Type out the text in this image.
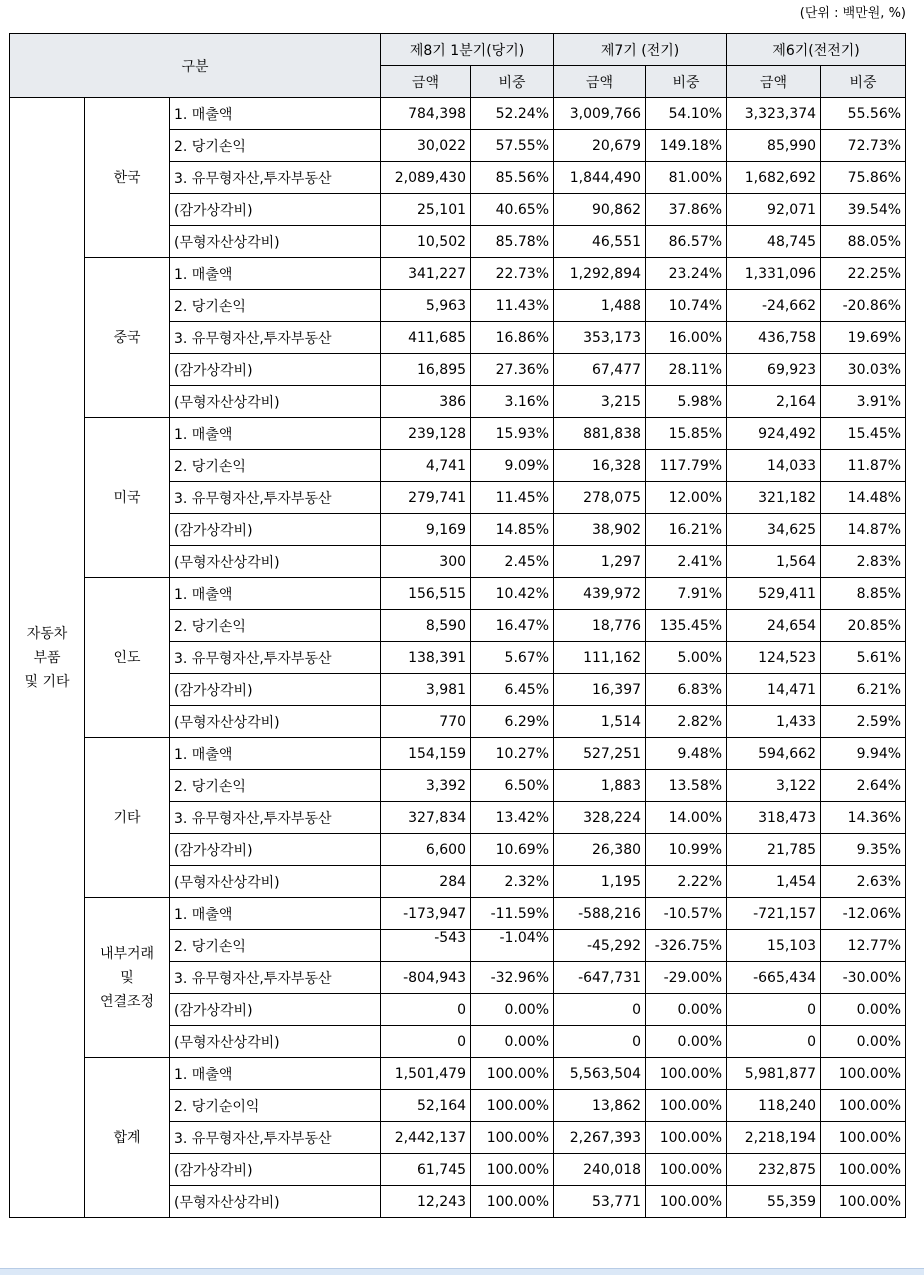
(단위 : 백만원, %)
구분			제8기 1분기(당기)		제7기 (전기)		제6기(전전기)	
			금액	비중	금액	비중	금액	비중

자동차
부품
및 기타	한국	1. 매출액	784,398	52.24%	3,009,766	54.10%	3,323,374	55.56%
		2. 당기손익	30,022	57.55%	20,679	149.18%	85,990	72.73%
		3. 유무형자산,투자부동산	2,089,430	85.56%	1,844,490	81.00%	1,682,692	75.86%
		(감가상각비)	25,101	40.65%	90,862	37.86%	92,071	39.54%
		(무형자산상각비)	10,502	85.78%	46,551	86.57%	48,745	88.05%

	중국	1. 매출액	341,227	22.73%	1,292,894	23.24%	1,331,096	22.25%
		2. 당기손익	5,963	11.43%	1,488	10.74%	-24,662	-20.86%
		3. 유무형자산,투자부동산	411,685	16.86%	353,173	16.00%	436,758	19.69%
		(감가상각비)	16,895	27.36%	67,477	28.11%	69,923	30.03%
		(무형자산상각비)	386	3.16%	3,215	5.98%	2,164	3.91%

	미국	1. 매출액	239,128	15.93%	881,838	15.85%	924,492	15.45%
		2. 당기손익	4,741	9.09%	16,328	117.79%	14,033	11.87%
		3. 유무형자산,투자부동산	279,741	11.45%	278,075	12.00%	321,182	14.48%
		(감가상각비)	9,169	14.85%	38,902	16.21%	34,625	14.87%
		(무형자산상각비)	300	2.45%	1,297	2.41%	1,564	2.83%

	인도	1. 매출액	156,515	10.42%	439,972	7.91%	529,411	8.85%
		2. 당기손익	8,590	16.47%	18,776	135.45%	24,654	20.85%
		3. 유무형자산,투자부동산	138,391	5.67%	111,162	5.00%	124,523	5.61%
		(감가상각비)	3,981	6.45%	16,397	6.83%	14,471	6.21%
		(무형자산상각비)	770	6.29%	1,514	2.82%	1,433	2.59%

	기타	1. 매출액	154,159	10.27%	527,251	9.48%	594,662	9.94%
		2. 당기손익	3,392	6.50%	1,883	13.58%	3,122	2.64%
		3. 유무형자산,투자부동산	327,834	13.42%	328,224	14.00%	318,473	14.36%
		(감가상각비)	6,600	10.69%	26,380	10.99%	21,785	9.35%
		(무형자산상각비)	284	2.32%	1,195	2.22%	1,454	2.63%

	내부거래
및
연결조정	1. 매출액	-173,947	-11.59%	-588,216	-10.57%	-721,157	-12.06%
		2. 당기손익	-543	-1.04%	-45,292	-326.75%	15,103	12.77%
		3. 유무형자산,투자부동산	-804,943	-32.96%	-647,731	-29.00%	-665,434	-30.00%
		(감가상각비)	0	0.00%	0	0.00%	0	0.00%
		(무형자산상각비)	0	0.00%	0	0.00%	0	0.00%

	합계	1. 매출액	1,501,479	100.00%	5,563,504	100.00%	5,981,877	100.00%
		2. 당기순이익	52,164	100.00%	13,862	100.00%	118,240	100.00%
		3. 유무형자산,투자부동산	2,442,137	100.00%	2,267,393	100.00%	2,218,194	100.00%
		(감가상각비)	61,745	100.00%	240,018	100.00%	232,875	100.00%
		(무형자산상각비)	12,243	100.00%	53,771	100.00%	55,359	100.00%
